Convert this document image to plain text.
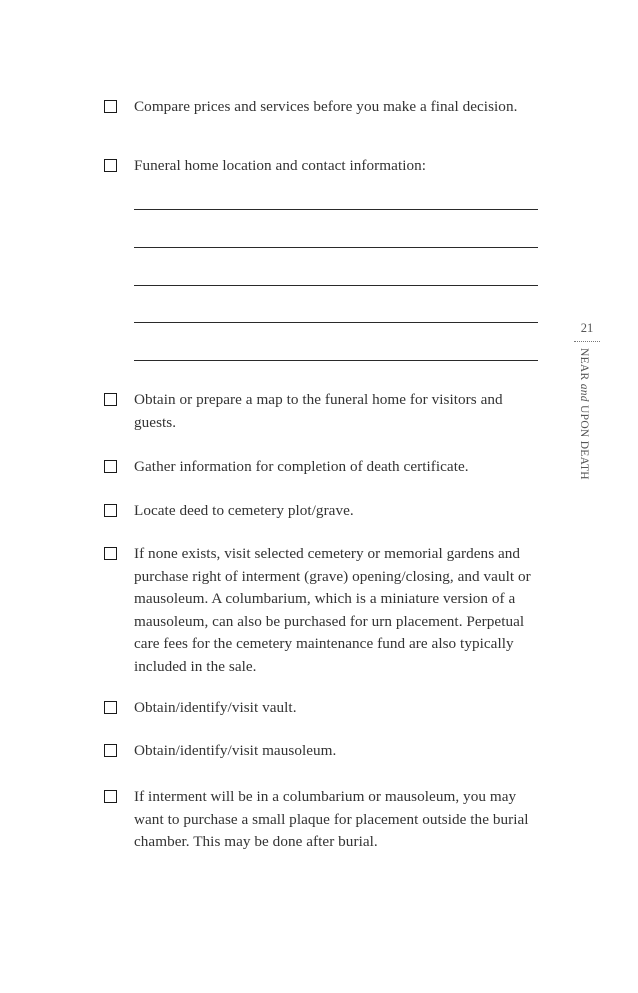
Compare prices and services before you make a final decision.
Funeral home location and contact information:
Obtain or prepare a map to the funeral home for visitors and guests.
Gather information for completion of death certificate.
Locate deed to cemetery plot/grave.
If none exists, visit selected cemetery or memorial gardens and purchase right of interment (grave) opening/closing, and vault or mausoleum. A columbarium, which is a miniature version of a mausoleum, can also be purchased for urn placement. Perpetual care fees for the cemetery maintenance fund are also typically included in the sale.
Obtain/identify/visit vault.
Obtain/identify/visit mausoleum.
If interment will be in a columbarium or mausoleum, you may want to purchase a small plaque for placement outside the burial chamber. This may be done after burial.
21
NEAR and UPON DEATH
